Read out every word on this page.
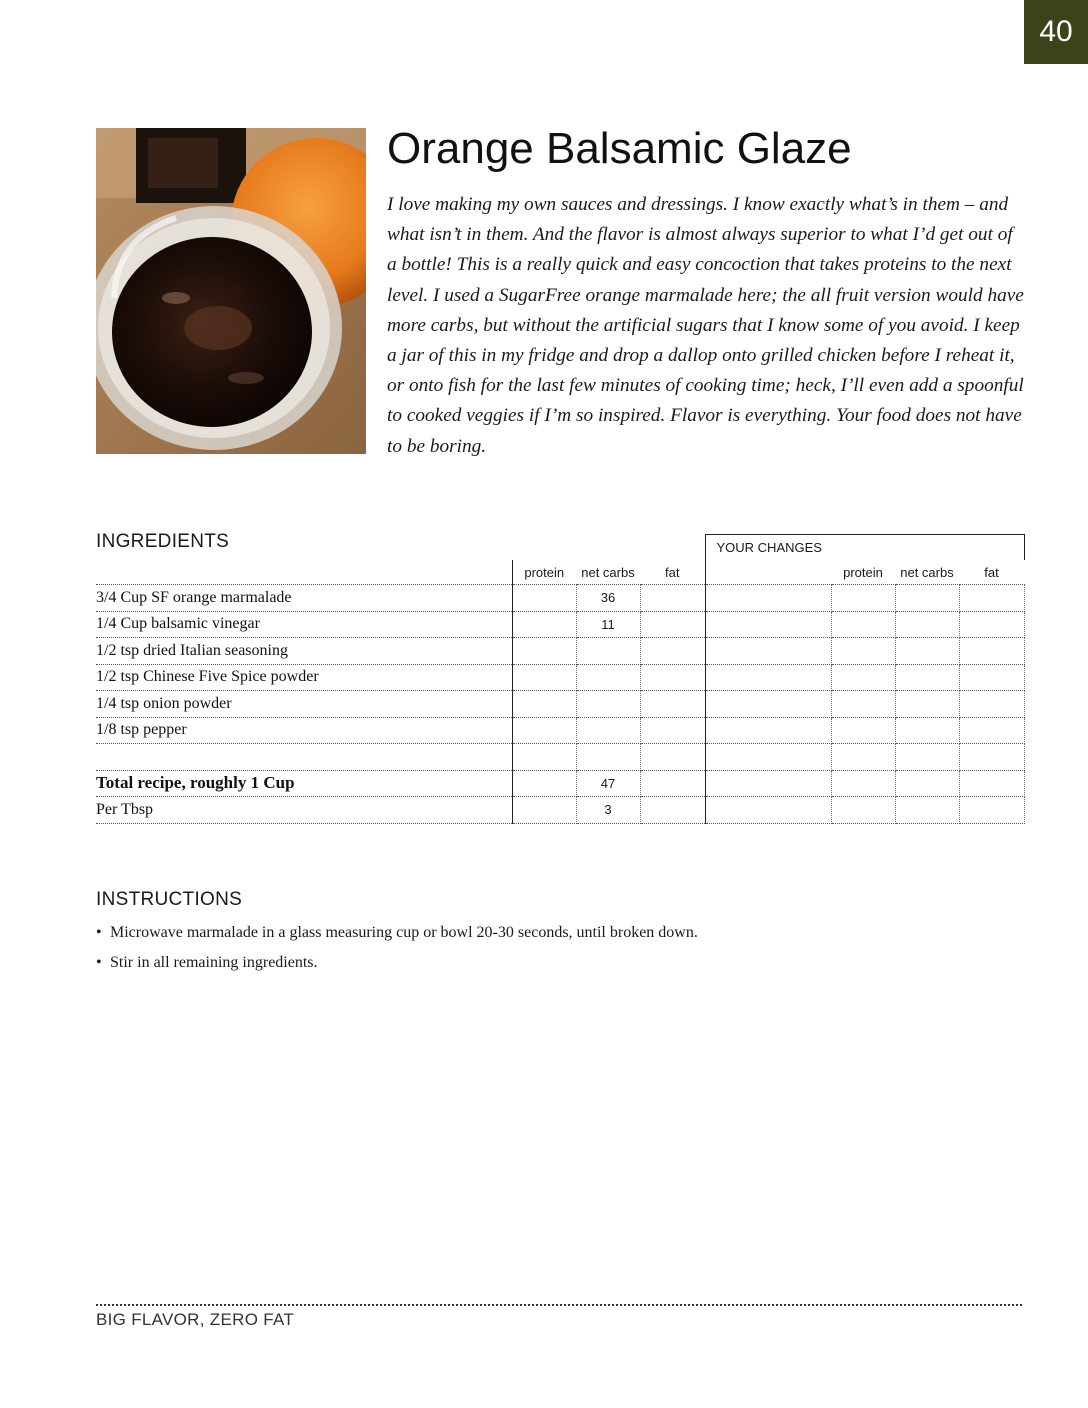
40
Orange Balsamic Glaze

I love making my own sauces and dressings. I know exactly what’s in them – and what isn’t in them. And the flavor is almost always superior to what I’d get out of a bottle! This is a really quick and easy concoction that takes proteins to the next level. I used a SugarFree orange marmalade here; the all fruit version would have more carbs, but without the artificial sugars that I know some of you avoid. I keep a jar of this in my fridge and drop a dallop onto grilled chicken before I reheat it, or onto fish for the last few minutes of cooking time; heck, I’ll even add a spoonful to cooked veggies if I’m so inspired. Flavor is everything. Your food does not have to be boring.

INGREDIENTS
					YOUR CHANGES			
	protein	net carbs	fat		protein	net carbs	fat
3/4 Cup SF orange marmalade		36					
1/4 Cup balsamic vinegar		11					
1/2 tsp dried Italian seasoning							
1/2 tsp Chinese Five Spice powder							
1/4 tsp onion powder							
1/8 tsp pepper							

Total recipe, roughly 1 Cup		47					
Per Tbsp		3					
INSTRUCTIONS
• Microwave marmalade in a glass measuring cup or bowl 20-30 seconds, until broken down.
• Stir in all remaining ingredients.

BIG FLAVOR, ZERO FAT
